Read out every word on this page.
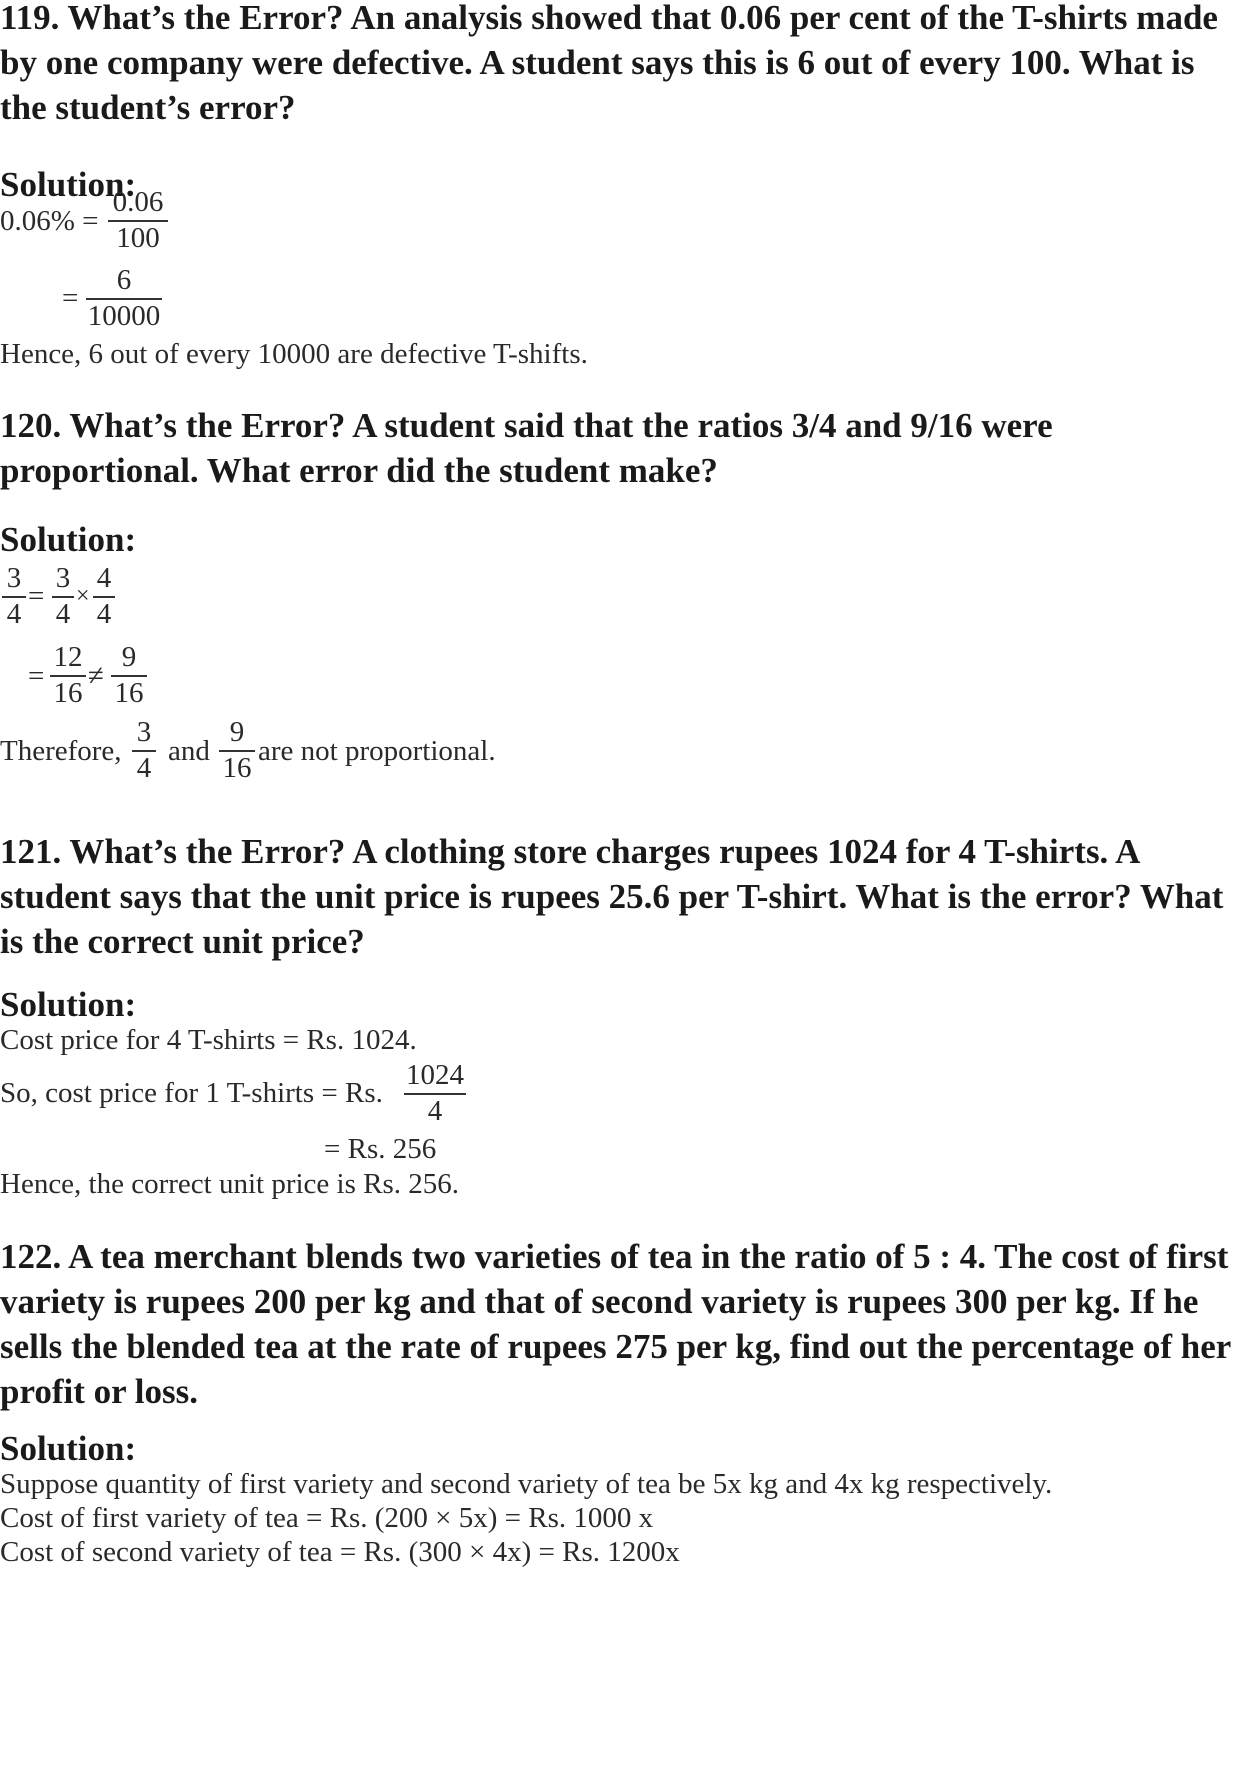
119. What’s the Error? An analysis showed that 0.06 per cent of the T-shirts made by one company were defective. A student says this is 6 out of every 100. What is the student’s error?

Solution:
0.06% =
0.06
100
=
6
10000
Hence, 6 out of every 10000 are defective T-shifts.

120. What’s the Error? A student said that the ratios 3/4 and 9/16 were proportional. What error did the student make?

Solution:
3
4
=
3
4
×
4
4
=
12
16
≠
9
16
Therefore,
3
4
and
9
16
are not proportional.

121. What’s the Error? A clothing store charges rupees 1024 for 4 T-shirts. A student says that the unit price is rupees 25.6 per T-shirt. What is the error? What is the correct unit price?

Solution:
Cost price for 4 T-shirts = Rs. 1024.
So, cost price for 1 T-shirts = Rs.
1024
4
= Rs. 256
Hence, the correct unit price is Rs. 256.

122. A tea merchant blends two varieties of tea in the ratio of 5 : 4. The cost of first variety is rupees 200 per kg and that of second variety is rupees 300 per kg. If he sells the blended tea at the rate of rupees 275 per kg, find out the percentage of her profit or loss.

Solution:
Suppose quantity of first variety and second variety of tea be 5x kg and 4x kg respectively.
Cost of first variety of tea = Rs. (200 × 5x) = Rs. 1000 x
Cost of second variety of tea = Rs. (300 × 4x) = Rs. 1200x
